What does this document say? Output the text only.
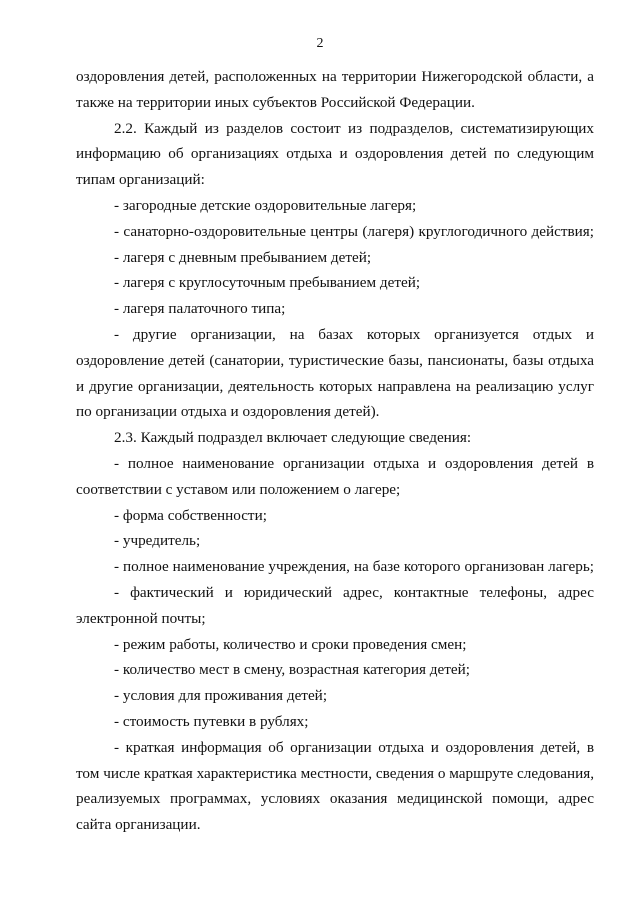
2

оздоровления детей, расположенных на территории Нижегородской области, а также на территории иных субъектов Российской Федерации.

2.2. Каждый из разделов состоит из подразделов, систематизирующих информацию об организациях отдыха и оздоровления детей по следующим типам организаций:

- загородные детские оздоровительные лагеря;

- санаторно-оздоровительные центры (лагеря) круглогодичного действия;

- лагеря с дневным пребыванием детей;

- лагеря с круглосуточным пребыванием детей;

- лагеря палаточного типа;

- другие организации, на базах которых организуется отдых и оздоровление детей (санатории, туристические базы, пансионаты, базы отдыха и другие организации, деятельность которых направлена на реализацию услуг по организации отдыха и оздоровления детей).

2.3. Каждый подраздел включает следующие сведения:

- полное наименование организации отдыха и оздоровления детей в соответствии с уставом или положением о лагере;

- форма собственности;

- учредитель;

- полное наименование учреждения, на базе которого организован лагерь;

- фактический и юридический адрес, контактные телефоны, адрес электронной почты;

- режим работы, количество и сроки проведения смен;

- количество мест в смену, возрастная категория детей;

- условия для проживания детей;

- стоимость путевки в рублях;

- краткая информация об организации отдыха и оздоровления детей, в том числе краткая характеристика местности, сведения о маршруте следования, реализуемых программах, условиях оказания медицинской помощи, адрес сайта организации.
